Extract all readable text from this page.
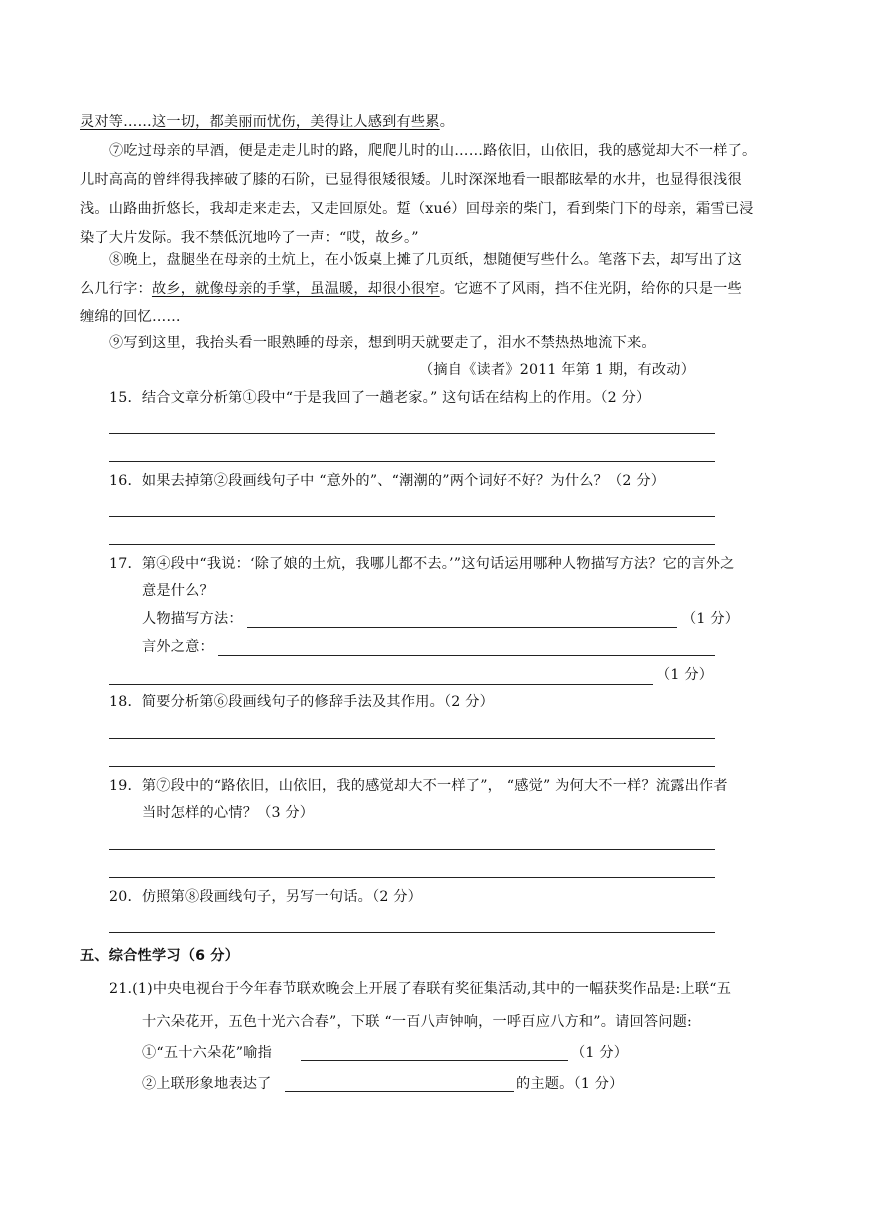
灵对等……这一切，都美丽而忧伤，美得让人感到有些累。
⑦吃过母亲的早酒，便是走走儿时的路，爬爬儿时的山……路依旧，山依旧，我的感觉却大不一样了。
儿时高高的曾绊得我摔破了膝的石阶，已显得很矮很矮。儿时深深地看一眼都眩晕的水井，也显得很浅很
浅。山路曲折悠长，我却走来走去，又走回原处。踅（xué）回母亲的柴门，看到柴门下的母亲，霜雪已浸
染了大片发际。我不禁低沉地吟了一声：“哎，故乡。”
⑧晚上，盘腿坐在母亲的土炕上，在小饭桌上摊了几页纸，想随便写些什么。笔落下去，却写出了这
么几行字：故乡，就像母亲的手掌，虽温暖，却很小很窄。它遮不了风雨，挡不住光阴，给你的只是一些
缠绵的回忆……
⑨写到这里，我抬头看一眼熟睡的母亲，想到明天就要走了，泪水不禁热热地流下来。
（摘自《读者》2011 年第 1 期，有改动）
15．结合文章分析第①段中“于是我回了一趟老家。” 这句话在结构上的作用。（2 分）
16．如果去掉第②段画线句子中 “意外的”、“潮潮的”两个词好不好？为什么？（2 分）
17．第④段中“我说：‘除了娘的土炕，我哪儿都不去。’”这句话运用哪种人物描写方法？它的言外之
意是什么？
人物描写方法：	（1 分）
言外之意：
（1 分）
18．简要分析第⑥段画线句子的修辞手法及其作用。（2 分）
19．第⑦段中的“路依旧，山依旧，我的感觉却大不一样了”， “感觉” 为何大不一样？流露出作者
当时怎样的心情？（3 分）
20．仿照第⑧段画线句子，另写一句话。（2 分）
五、综合性学习（6 分）
21.(1)中央电视台于今年春节联欢晚会上开展了春联有奖征集活动,其中的一幅获奖作品是:上联“五
十六朵花开，五色十光六合春”，下联 “一百八声钟响，一呼百应八方和”。请回答问题:
①“五十六朵花”喻指	（1 分）
②上联形象地表达了	的主题。（1 分）
